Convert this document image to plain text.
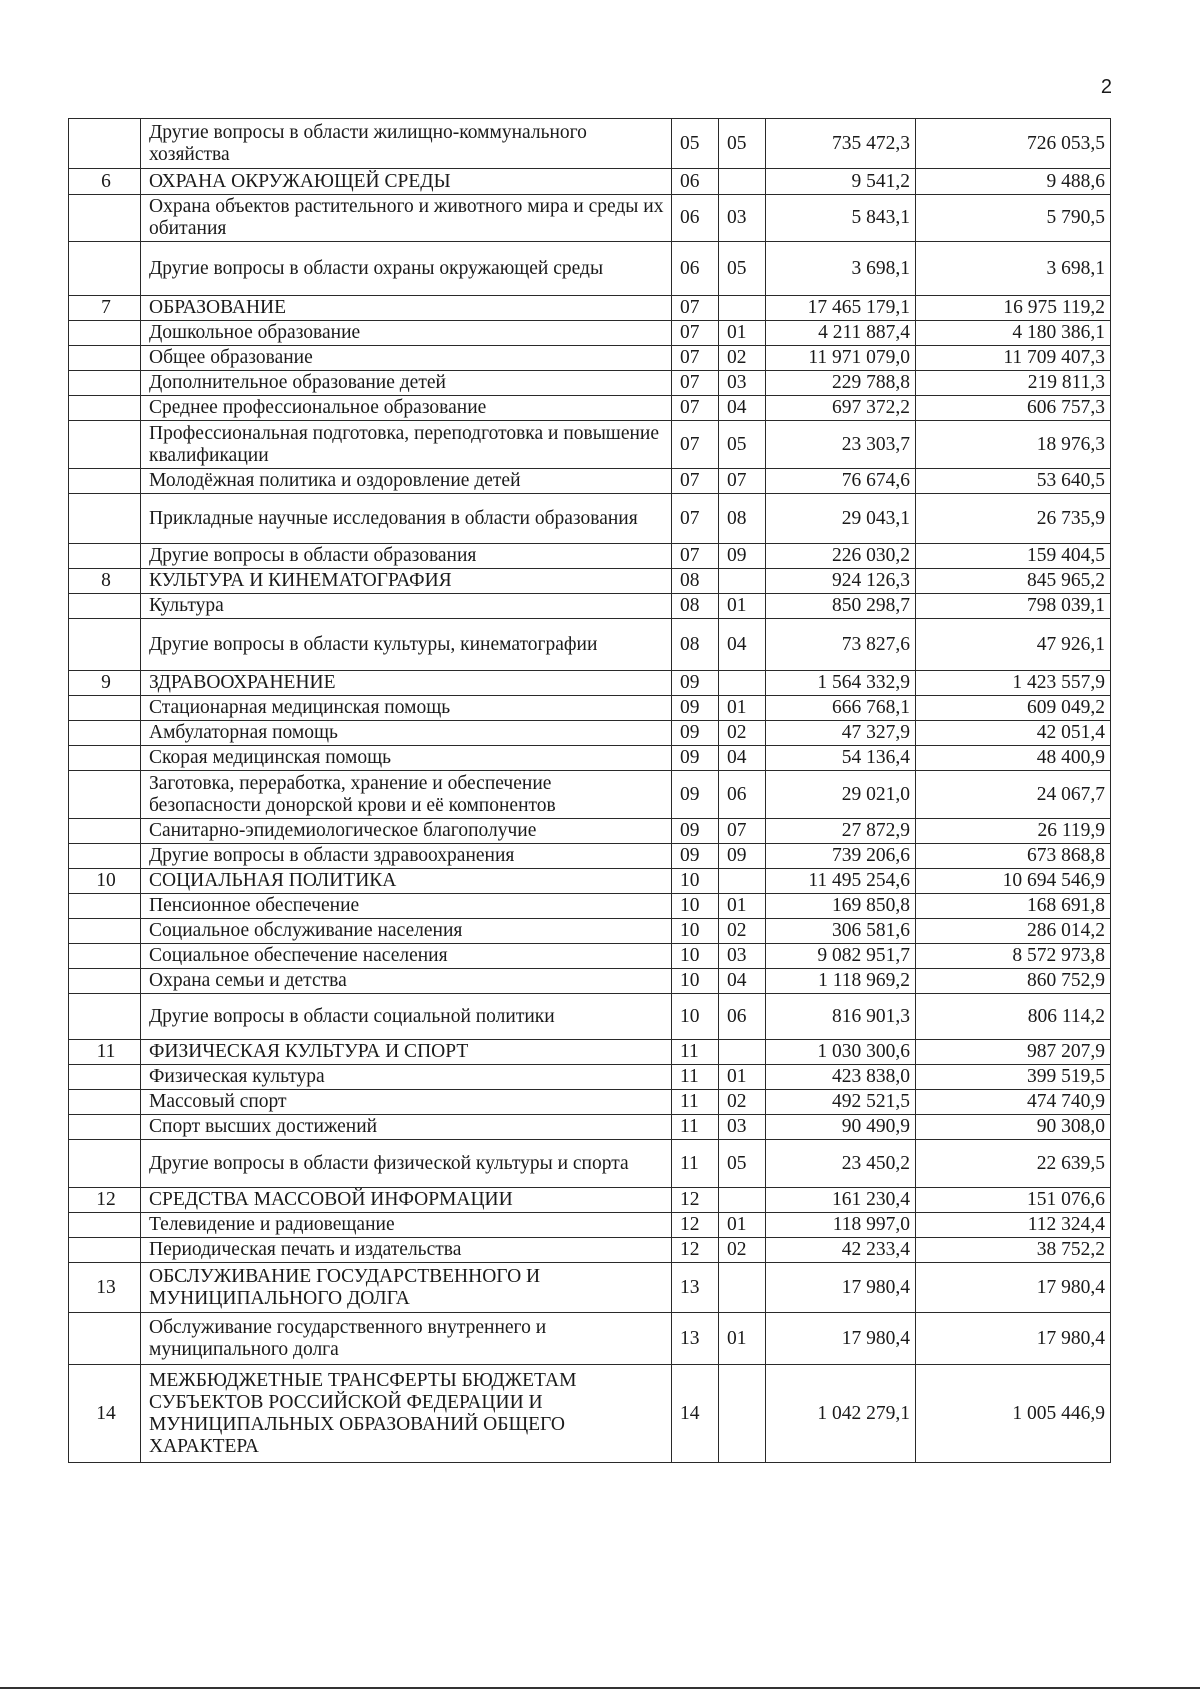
2
	Другие вопросы в области жилищно-коммунального хозяйства	05	05	735 472,3	726 053,5
6	ОХРАНА ОКРУЖАЮЩЕЙ СРЕДЫ	06		9 541,2	9 488,6
	Охрана объектов растительного и животного мира и среды их обитания	06	03	5 843,1	5 790,5
	Другие вопросы в области охраны окружающей среды	06	05	3 698,1	3 698,1
7	ОБРАЗОВАНИЕ	07		17 465 179,1	16 975 119,2
	Дошкольное образование	07	01	4 211 887,4	4 180 386,1
	Общее образование	07	02	11 971 079,0	11 709 407,3
	Дополнительное образование детей	07	03	229 788,8	219 811,3
	Среднее профессиональное образование	07	04	697 372,2	606 757,3
	Профессиональная подготовка, переподготовка и повышение квалификации	07	05	23 303,7	18 976,3
	Молодёжная политика и оздоровление детей	07	07	76 674,6	53 640,5
	Прикладные научные исследования в области образования	07	08	29 043,1	26 735,9
	Другие вопросы в области образования	07	09	226 030,2	159 404,5
8	КУЛЬТУРА И КИНЕМАТОГРАФИЯ	08		924 126,3	845 965,2
	Культура	08	01	850 298,7	798 039,1
	Другие вопросы в области культуры, кинематографии	08	04	73 827,6	47 926,1
9	ЗДРАВООХРАНЕНИЕ	09		1 564 332,9	1 423 557,9
	Стационарная медицинская помощь	09	01	666 768,1	609 049,2
	Амбулаторная помощь	09	02	47 327,9	42 051,4
	Скорая медицинская помощь	09	04	54 136,4	48 400,9
	Заготовка, переработка, хранение и обеспечение безопасности донорской крови и её компонентов	09	06	29 021,0	24 067,7
	Санитарно-эпидемиологическое благополучие	09	07	27 872,9	26 119,9
	Другие вопросы в области здравоохранения	09	09	739 206,6	673 868,8
10	СОЦИАЛЬНАЯ ПОЛИТИКА	10		11 495 254,6	10 694 546,9
	Пенсионное обеспечение	10	01	169 850,8	168 691,8
	Социальное обслуживание населения	10	02	306 581,6	286 014,2
	Социальное обеспечение населения	10	03	9 082 951,7	8 572 973,8
	Охрана семьи и детства	10	04	1 118 969,2	860 752,9
	Другие вопросы в области социальной политики	10	06	816 901,3	806 114,2
11	ФИЗИЧЕСКАЯ КУЛЬТУРА И СПОРТ	11		1 030 300,6	987 207,9
	Физическая культура	11	01	423 838,0	399 519,5
	Массовый спорт	11	02	492 521,5	474 740,9
	Спорт высших достижений	11	03	90 490,9	90 308,0
	Другие вопросы в области физической культуры и спорта	11	05	23 450,2	22 639,5
12	СРЕДСТВА МАССОВОЙ ИНФОРМАЦИИ	12		161 230,4	151 076,6
	Телевидение и радиовещание	12	01	118 997,0	112 324,4
	Периодическая печать и издательства	12	02	42 233,4	38 752,2
13	ОБСЛУЖИВАНИЕ ГОСУДАРСТВЕННОГО И МУНИЦИПАЛЬНОГО ДОЛГА	13		17 980,4	17 980,4
	Обслуживание государственного внутреннего и муниципального долга	13	01	17 980,4	17 980,4
14	МЕЖБЮДЖЕТНЫЕ ТРАНСФЕРТЫ БЮДЖЕТАМ СУБЪЕКТОВ РОССИЙСКОЙ ФЕДЕРАЦИИ И МУНИЦИПАЛЬНЫХ ОБРАЗОВАНИЙ ОБЩЕГО ХАРАКТЕРА	14		1 042 279,1	1 005 446,9
